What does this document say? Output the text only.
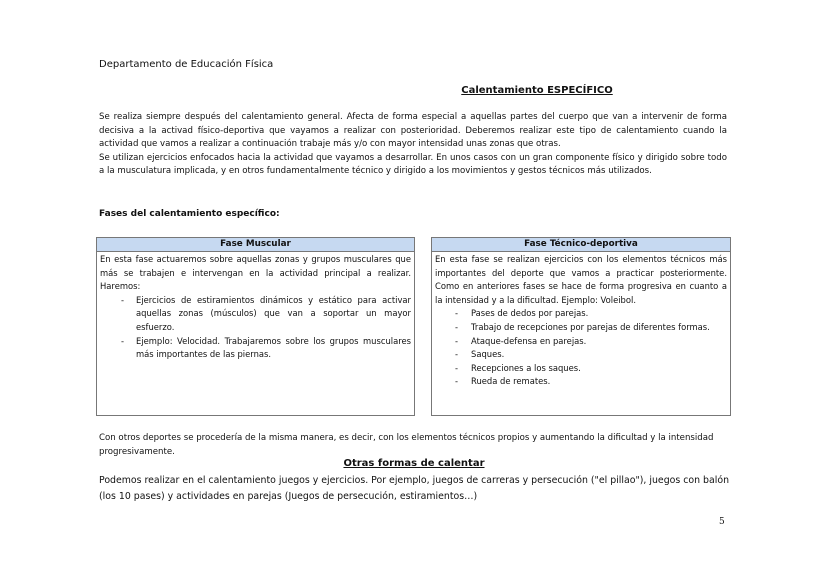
Departamento de Educación Física
Calentamiento ESPECÍFICO

Se realiza siempre después del calentamiento general. Afecta de forma especial a aquellas partes del cuerpo que van a intervenir de forma decisiva a la activad físico-deportiva que vayamos a realizar con posterioridad. Deberemos realizar este tipo de calentamiento cuando la actividad que vamos a realizar a continuación trabaje más y/o con mayor intensidad unas zonas que otras.

Se utilizan ejercicios enfocados hacia la actividad que vayamos a desarrollar. En unos casos con un gran componente físico y dirigido sobre todo a la musculatura implicada, y en otros fundamentalmente técnico y dirigido a los movimientos y gestos técnicos más utilizados.

Fases del calentamiento específico:

Fase Muscular

En esta fase actuaremos sobre aquellas zonas y grupos musculares que más se trabajen e intervengan en la actividad principal a realizar. Haremos:

- Ejercicios de estiramientos dinámicos y estático para activar aquellas zonas (músculos) que van a soportar un mayor esfuerzo.
- Ejemplo: Velocidad. Trabajaremos sobre los grupos musculares más importantes de las piernas.
Fase Técnico-deportiva

En esta fase se realizan ejercicios con los elementos técnicos más importantes del deporte que vamos a practicar posteriormente. Como en anteriores fases se hace de forma progresiva en cuanto a la intensidad y a la dificultad. Ejemplo: Voleibol.

- Pases de dedos por parejas.
- Trabajo de recepciones por parejas de diferentes formas.
- Ataque-defensa en parejas.
- Saques.
- Recepciones a los saques.
- Rueda de remates.

Con otros deportes se procedería de la misma manera, es decir, con los elementos técnicos propios y aumentando la dificultad y la intensidad progresivamente.

Otras formas de calentar

Podemos realizar en el calentamiento juegos y ejercicios. Por ejemplo, juegos de carreras y persecución ("el pillao"), juegos con balón (los 10 pases) y actividades en parejas (Juegos de persecución, estiramientos…)

5
